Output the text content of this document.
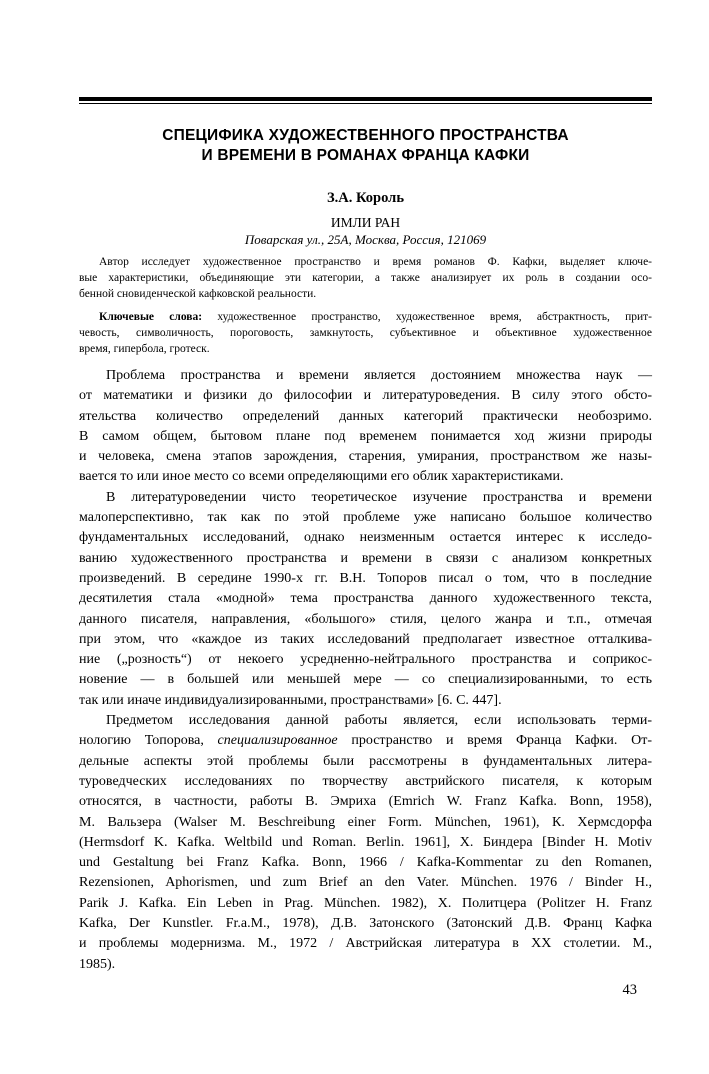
СПЕЦИФИКА ХУДОЖЕСТВЕННОГО ПРОСТРАНСТВА
И ВРЕМЕНИ В РОМАНАХ ФРАНЦА КАФКИ
З.А. Король
ИМЛИ РАН
Поварская ул., 25А, Москва, Россия, 121069
Автор исследует художественное пространство и время романов Ф. Кафки, выделяет ключе-
вые характеристики, объединяющие эти категории, а также анализирует их роль в создании осо-
бенной сновиденческой кафковской реальности.
Ключевые слова: художественное пространство, художественное время, абстрактность, прит-
чевость, символичность, пороговость, замкнутость, субъективное и объективное художественное
время, гипербола, гротеск.
Проблема пространства и времени является достоянием множества наук —
от математики и физики до философии и литературоведения. В силу этого обсто-
ятельства количество определений данных категорий практически необозримо.
В самом общем, бытовом плане под временем понимается ход жизни природы
и человека, смена этапов зарождения, старения, умирания, пространством же назы-
вается то или иное место со всеми определяющими его облик характеристиками.
В литературоведении чисто теоретическое изучение пространства и времени
малоперспективно, так как по этой проблеме уже написано большое количество
фундаментальных исследований, однако неизменным остается интерес к исследо-
ванию художественного пространства и времени в связи с анализом конкретных
произведений. В середине 1990-х гг. В.Н. Топоров писал о том, что в последние
десятилетия стала «модной» тема пространства данного художественного текста,
данного писателя, направления, «большого» стиля, целого жанра и т.п., отмечая
при этом, что «каждое из таких исследований предполагает известное отталкива-
ние („розность“) от некоего усредненно-нейтрального пространства и соприкос-
новение — в большей или меньшей мере — со специализированными, то есть
так или иначе индивидуализированными, пространствами» [6. С. 447].
Предметом исследования данной работы является, если использовать терми-
нологию Топорова, специализированное пространство и время Франца Кафки. От-
дельные аспекты этой проблемы были рассмотрены в фундаментальных литера-
туроведческих исследованиях по творчеству австрийского писателя, к которым
относятся, в частности, работы В. Эмриха (Emrich W. Franz Kafka. Bonn, 1958),
М. Вальзера (Walser M. Beschreibung einer Form. München, 1961), К. Хермсдорфа
(Hermsdorf K. Kafka. Weltbild und Roman. Berlin. 1961], Х. Биндера [Binder H. Motiv
und Gestaltung bei Franz Kafka. Bonn, 1966 / Kafka-Kommentar zu den Romanen,
Rezensionen, Aphorismen, und zum Brief an den Vater. München. 1976 / Binder H.,
Parik J. Kafka. Ein Leben in Prag. München. 1982), Х. Политцера (Politzer H. Franz
Kafka, Der Kunstler. Fr.a.M., 1978), Д.В. Затонского (Затонский Д.В. Франц Кафка
и проблемы модернизма. М., 1972 / Австрийская литература в XX столетии. М.,
1985).
43
